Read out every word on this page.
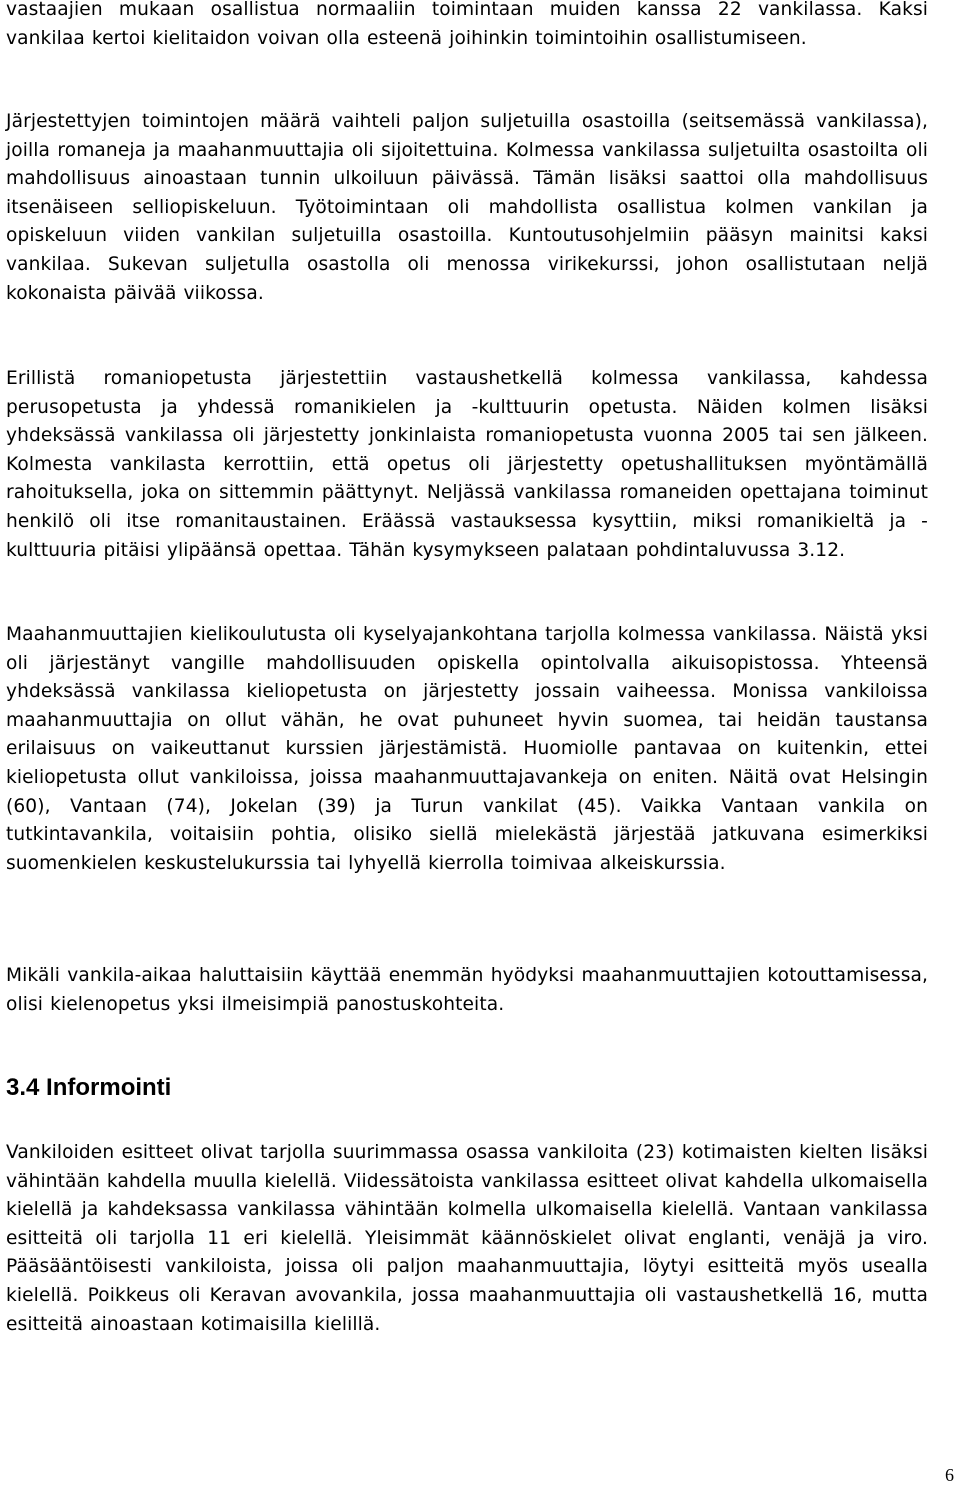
vastaajien mukaan osallistua normaaliin toimintaan muiden kanssa 22 vankilassa. Kaksi vankilaa kertoi kielitaidon voivan olla esteenä joihinkin toimintoihin osallistumiseen.

Järjestettyjen toimintojen määrä vaihteli paljon suljetuilla osastoilla (seitsemässä vankilassa), joilla romaneja ja maahanmuuttajia oli sijoitettuina. Kolmessa vankilassa suljetuilta osastoilta oli mahdollisuus ainoastaan tunnin ulkoiluun päivässä. Tämän lisäksi saattoi olla mahdollisuus itsenäiseen selliopiskeluun. Työtoimintaan oli mahdollista osallistua kolmen vankilan ja opiskeluun viiden vankilan suljetuilla osastoilla. Kuntoutusohjelmiin pääsyn mainitsi kaksi vankilaa. Sukevan suljetulla osastolla oli menossa virikekurssi, johon osallistutaan neljä kokonaista päivää viikossa.

Erillistä romaniopetusta järjestettiin vastaushetkellä kolmessa vankilassa, kahdessa perusopetusta ja yhdessä romanikielen ja -kulttuurin opetusta. Näiden kolmen lisäksi yhdeksässä vankilassa oli järjestetty jonkinlaista romaniopetusta vuonna 2005 tai sen jälkeen. Kolmesta vankilasta kerrottiin, että opetus oli järjestetty opetushallituksen myöntämällä rahoituksella, joka on sittemmin päättynyt. Neljässä vankilassa romaneiden opettajana toiminut henkilö oli itse romanitaustainen. Eräässä vastauksessa kysyttiin, miksi romanikieltä ja -kulttuuria pitäisi ylipäänsä opettaa. Tähän kysymykseen palataan pohdintaluvussa 3.12.

Maahanmuuttajien kielikoulutusta oli kyselyajankohtana tarjolla kolmessa vankilassa. Näistä yksi oli järjestänyt vangille mahdollisuuden opiskella opintolvalla aikuisopistossa. Yhteensä yhdeksässä vankilassa kieliopetusta on järjestetty jossain vaiheessa. Monissa vankiloissa maahanmuuttajia on ollut vähän, he ovat puhuneet hyvin suomea, tai heidän taustansa erilaisuus on vaikeuttanut kurssien järjestämistä. Huomiolle pantavaa on kuitenkin, ettei kieliopetusta ollut vankiloissa, joissa maahanmuuttajavankeja on eniten. Näitä ovat Helsingin (60), Vantaan (74), Jokelan (39) ja Turun vankilat (45). Vaikka Vantaan vankila on tutkintavankila, voitaisiin pohtia, olisiko siellä mielekästä järjestää jatkuvana esimerkiksi suomenkielen keskustelukurssia tai lyhyellä kierrolla toimivaa alkeiskurssia.

Mikäli vankila-aikaa haluttaisiin käyttää enemmän hyödyksi maahanmuuttajien kotouttamisessa, olisi kielenopetus yksi ilmeisimpiä panostuskohteita.

3.4 Informointi

Vankiloiden esitteet olivat tarjolla suurimmassa osassa vankiloita (23) kotimaisten kielten lisäksi vähintään kahdella muulla kielellä. Viidessätoista vankilassa esitteet olivat kahdella ulkomaisella kielellä ja kahdeksassa vankilassa vähintään kolmella ulkomaisella kielellä. Vantaan vankilassa esitteitä oli tarjolla 11 eri kielellä. Yleisimmät käännöskielet olivat englanti, venäjä ja viro. Pääsääntöisesti vankiloista, joissa oli paljon maahanmuuttajia, löytyi esitteitä myös usealla kielellä. Poikkeus oli Keravan avovankila, jossa maahanmuuttajia oli vastaushetkellä 16, mutta esitteitä ainoastaan kotimaisilla kielillä.

6
